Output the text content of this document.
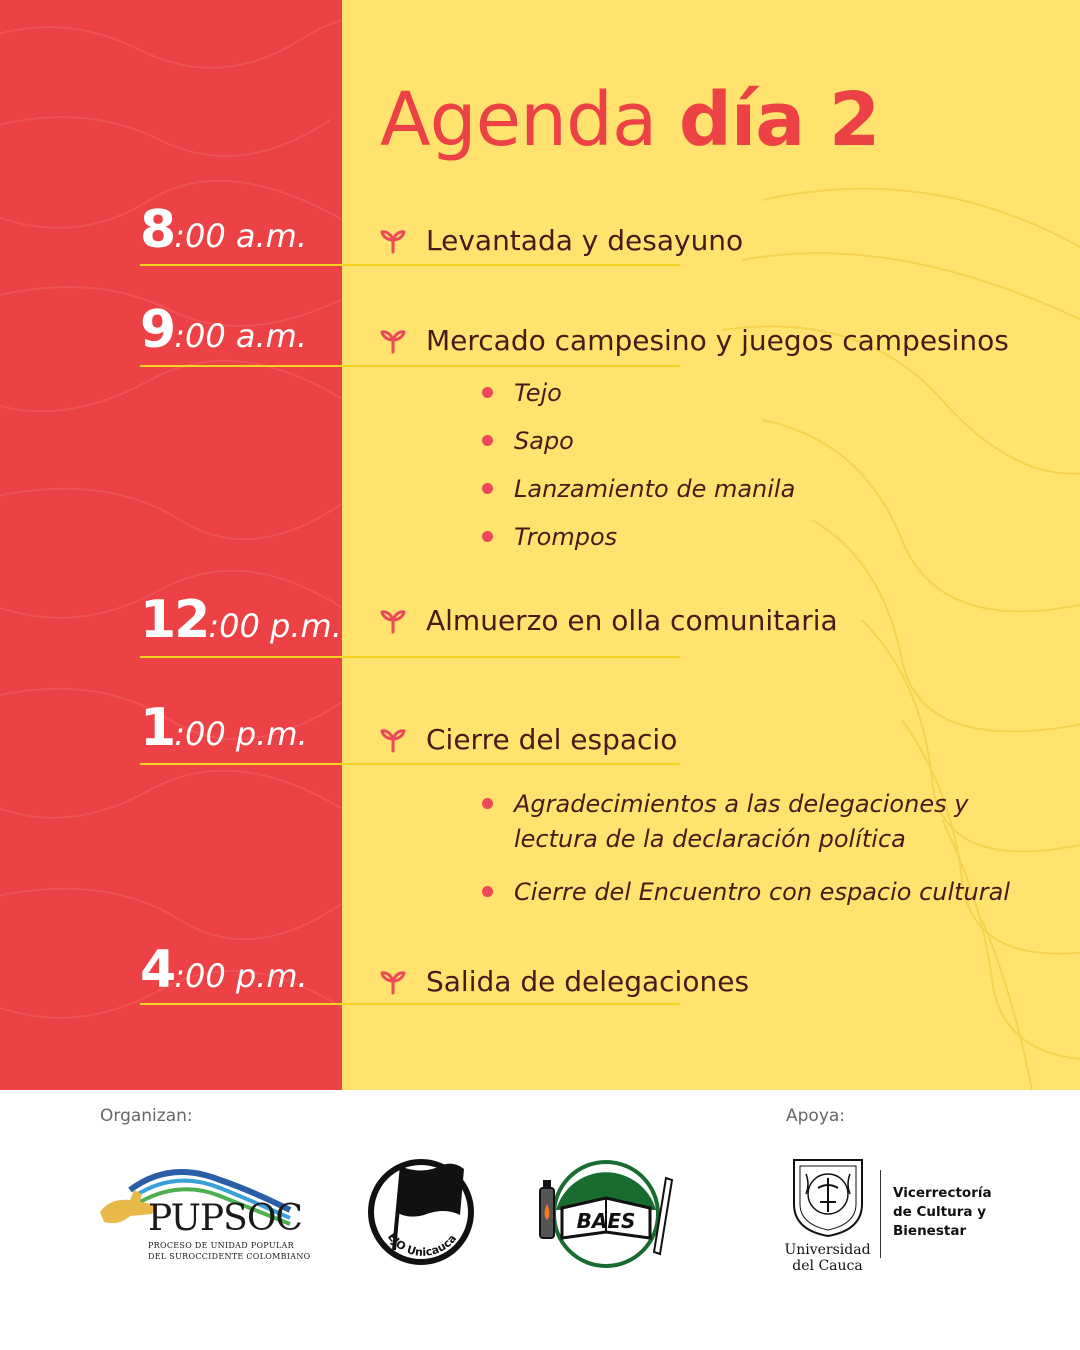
Agenda día 2
8:00 a.m.	Levantada y desayuno
9:00 a.m.	Mercado campesino y juegos campesinos
Tejo
Sapo
Lanzamiento de manila
Trompos
12:00 p.m.	Almuerzo en olla comunitaria
1:00 p.m.	Cierre del espacio
Agradecimientos a las delegaciones y
lectura de la declaración política
Cierre del Encuentro con espacio cultural
4:00 p.m.	Salida de delegaciones
Organizan:	Apoya:
PUPSOC
PROCESO DE UNIDAD POPULAR
DEL SUROCCIDENTE COLOMBIANO
EJO Unicauca
BAES
Universidad
del Cauca
Vicerrectoría
de Cultura y
Bienestar
